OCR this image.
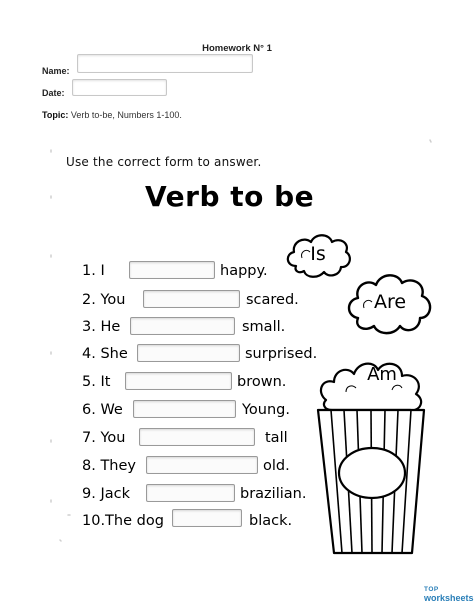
Homework N° 1
Name:
Date:
Topic: Verb to-be, Numbers 1-100.
Use the correct form to answer.
Verb to be
1. I	happy.
2. You	scared.
3. He	small.
4. She	surprised.
5. It	brown.
6. We	Young.
7. You	tall
8. They	old.
9. Jack	brazilian.
10.The dog	black.
Is
Are
Am
TOP
worksheets
